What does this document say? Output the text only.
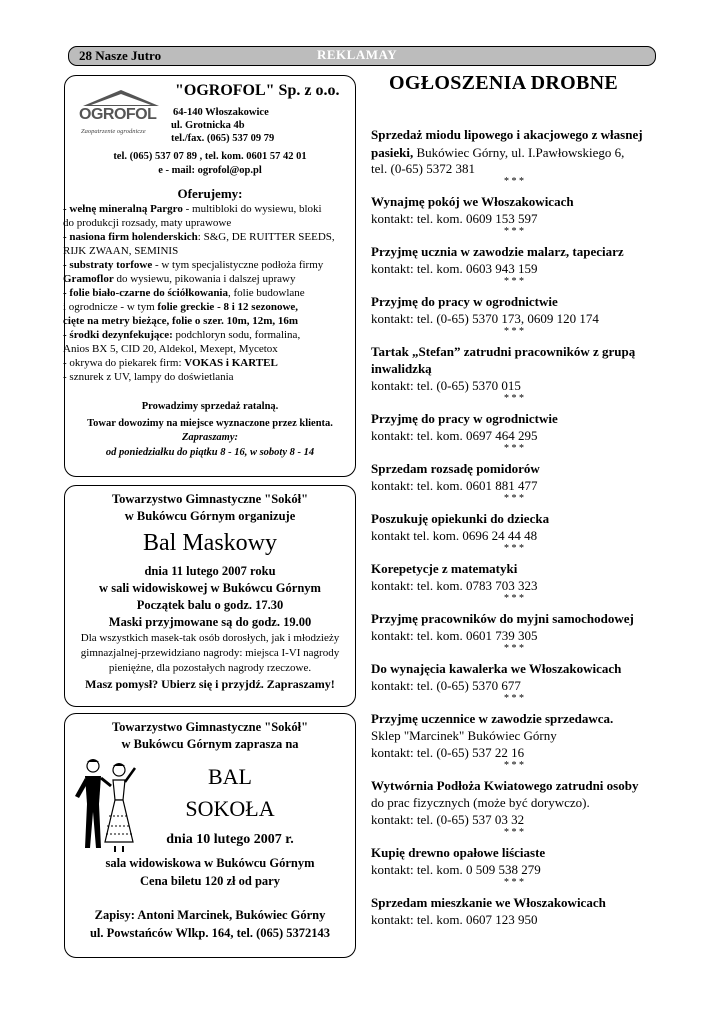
28 Nasze Jutro	REKLAMAY
OGROFOL
Zaopatrzenie ogrodnicze
"OGROFOL" Sp. z o.o.
64-140 Włoszakowice
ul. Grotnicka 4b
tel./fax. (065) 537 09 79
tel. (065) 537 07 89 , tel. kom. 0601 57 42 01
e - mail: ogrofol@op.pl
Oferujemy:
- wełnę mineralną Pargro - multibloki do wysiewu, bloki
do produkcji rozsady, maty uprawowe
- nasiona firm holenderskich: S&G, DE RUITTER SEEDS,
RIJK ZWAAN, SEMINIS
- substraty torfowe - w tym specjalistyczne podłoża firmy
Gramoflor do wysiewu, pikowania i dalszej uprawy
- folie biało-czarne do ściółkowania, folie budowlane
i ogrodnicze - w tym folie greckie - 8 i 12 sezonowe,
cięte na metry bieżące, folie o szer. 10m, 12m, 16m
- środki dezynfekujące: podchloryn sodu, formalina,
Anios BX 5, CID 20, Aldekol, Mexept, Mycetox
- okrywa do piekarek firm: VOKAS i KARTEL
- sznurek z UV, lampy do doświetlania
Prowadzimy sprzedaż ratalną.
Towar dowozimy na miejsce wyznaczone przez klienta.
Zapraszamy:
od poniedziałku do piątku 8 - 16, w soboty 8 - 14
Towarzystwo Gimnastyczne "Sokół"
w Bukówcu Górnym organizuje
Bal Maskowy
dnia 11 lutego 2007 roku
w sali widowiskowej w Bukówcu Górnym
Początek balu o godz. 17.30
Maski przyjmowane są do godz. 19.00
Dla wszystkich masek-tak osób dorosłych, jak i młodzieży
gimnazjalnej-przewidziano nagrody: miejsca I-VI nagrody
pieniężne, dla pozostałych nagrody rzeczowe.
Masz pomysł? Ubierz się i przyjdź. Zapraszamy!
Towarzystwo Gimnastyczne "Sokół"
w Bukówcu Górnym zaprasza na
BAL
SOKOŁA
dnia 10 lutego 2007 r.
sala widowiskowa w Bukówcu Górnym
Cena biletu 120 zł od pary
Zapisy: Antoni Marcinek, Bukówiec Górny
ul. Powstańców Wlkp. 164, tel. (065) 5372143
OGŁOSZENIA DROBNE
Sprzedaż miodu lipowego i akacjowego z własnej
pasieki, Bukówiec Górny, ul. I.Pawłowskiego 6,
tel. (0-65) 5372 381
* * *
Wynajmę pokój we Włoszakowicach
kontakt: tel. kom. 0609 153 597
* * *
Przyjmę ucznia w zawodzie malarz, tapeciarz
kontakt: tel. kom. 0603 943 159
* * *
Przyjmę do pracy w ogrodnictwie
kontakt: tel. (0-65) 5370 173, 0609 120 174
* * *
Tartak „Stefan” zatrudni pracowników z grupą
inwalidzką
kontakt: tel. (0-65) 5370 015
* * *
Przyjmę do pracy w ogrodnictwie
kontakt: tel. kom. 0697 464 295
* * *
Sprzedam rozsadę pomidorów
kontakt: tel. kom. 0601 881 477
* * *
Poszukuję opiekunki do dziecka
kontakt tel. kom. 0696 24 44 48
* * *
Korepetycje z matematyki
kontakt: tel. kom. 0783 703 323
* * *
Przyjmę pracowników do myjni samochodowej
kontakt: tel. kom. 0601 739 305
* * *
Do wynajęcia kawalerka we Włoszakowicach
kontakt: tel. (0-65) 5370 677
* * *
Przyjmę uczennice w zawodzie sprzedawca.
Sklep "Marcinek" Bukówiec Górny
kontakt: tel. (0-65) 537 22 16
* * *
Wytwórnia Podłoża Kwiatowego zatrudni osoby
do prac fizycznych (może być dorywczo).
kontakt: tel. (0-65) 537 03 32
* * *
Kupię drewno opałowe liściaste
kontakt: tel. kom. 0 509 538 279
* * *
Sprzedam mieszkanie we Włoszakowicach
kontakt: tel. kom. 0607 123 950
